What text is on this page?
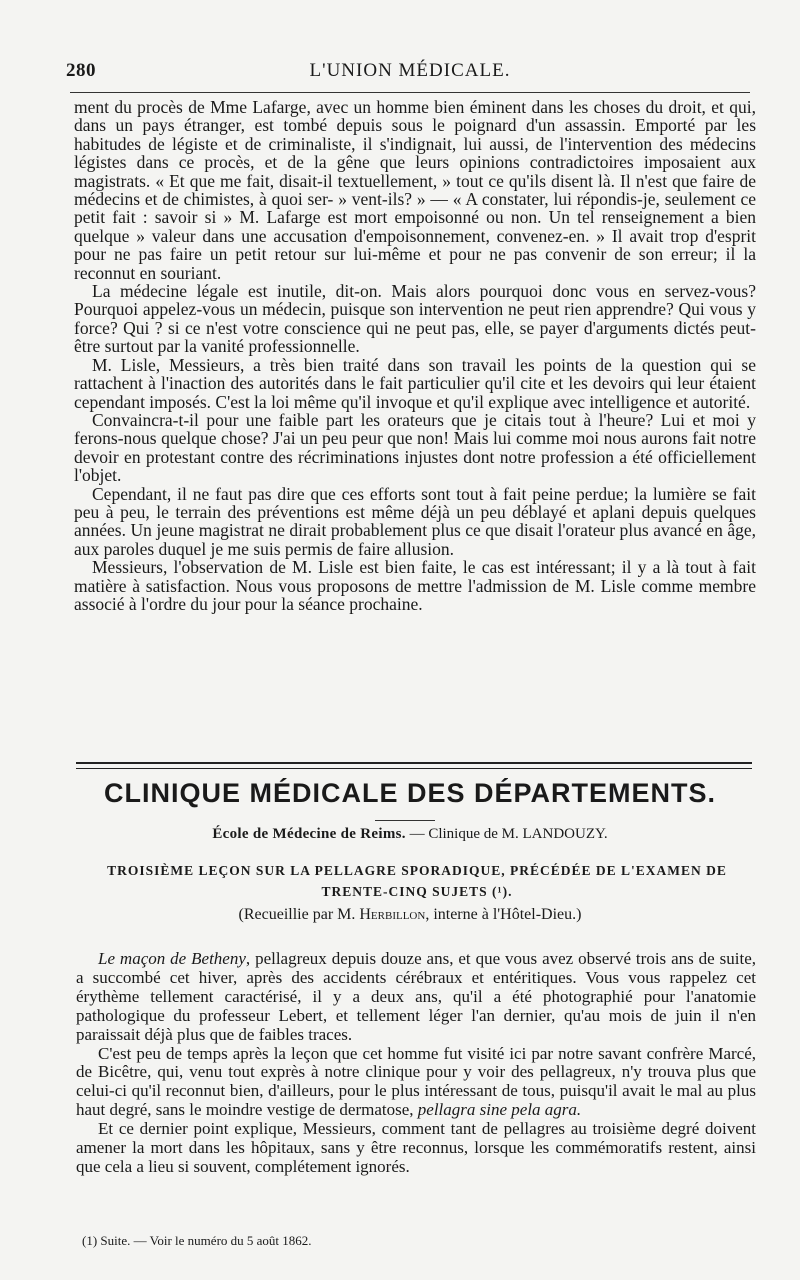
280	L'UNION MÉDICALE.

ment du procès de Mme Lafarge, avec un homme bien éminent dans les choses du droit, et qui, dans un pays étranger, est tombé depuis sous le poignard d'un assassin. Emporté par les habitudes de légiste et de criminaliste, il s'indignait, lui aussi, de l'intervention des médecins légistes dans ce procès, et de la gêne que leurs opinions contradictoires imposaient aux magistrats. « Et que me fait, disait-il textuellement, » tout ce qu'ils disent là. Il n'est que faire de médecins et de chimistes, à quoi ser- » vent-ils? » — « A constater, lui répondis-je, seulement ce petit fait : savoir si » M. Lafarge est mort empoisonné ou non. Un tel renseignement a bien quelque » valeur dans une accusation d'empoisonnement, convenez-en. » Il avait trop d'esprit pour ne pas faire un petit retour sur lui-même et pour ne pas convenir de son erreur; il la reconnut en souriant.

La médecine légale est inutile, dit-on. Mais alors pourquoi donc vous en servez-vous? Pourquoi appelez-vous un médecin, puisque son intervention ne peut rien apprendre? Qui vous y force? Qui ? si ce n'est votre conscience qui ne peut pas, elle, se payer d'arguments dictés peut-être surtout par la vanité professionnelle.

M. Lisle, Messieurs, a très bien traité dans son travail les points de la question qui se rattachent à l'inaction des autorités dans le fait particulier qu'il cite et les devoirs qui leur étaient cependant imposés. C'est la loi même qu'il invoque et qu'il explique avec intelligence et autorité.

Convaincra-t-il pour une faible part les orateurs que je citais tout à l'heure? Lui et moi y ferons-nous quelque chose? J'ai un peu peur que non! Mais lui comme moi nous aurons fait notre devoir en protestant contre des récriminations injustes dont notre profession a été officiellement l'objet.

Cependant, il ne faut pas dire que ces efforts sont tout à fait peine perdue; la lumière se fait peu à peu, le terrain des préventions est même déjà un peu déblayé et aplani depuis quelques années. Un jeune magistrat ne dirait probablement plus ce que disait l'orateur plus avancé en âge, aux paroles duquel je me suis permis de faire allusion.

Messieurs, l'observation de M. Lisle est bien faite, le cas est intéressant; il y a là tout à fait matière à satisfaction. Nous vous proposons de mettre l'admission de M. Lisle comme membre associé à l'ordre du jour pour la séance prochaine.

CLINIQUE MÉDICALE DES DÉPARTEMENTS.
École de Médecine de Reims. — Clinique de M. LANDOUZY.
TROISIÈME LEÇON SUR LA PELLAGRE SPORADIQUE, PRÉCÉDÉE DE L'EXAMEN DE TRENTE-CINQ SUJETS (¹).
(Recueillie par M. Herbillon, interne à l'Hôtel-Dieu.)

Le maçon de Betheny, pellagreux depuis douze ans, et que vous avez observé trois ans de suite, a succombé cet hiver, après des accidents cérébraux et entéritiques. Vous vous rappelez cet érythème tellement caractérisé, il y a deux ans, qu'il a été photographié pour l'anatomie pathologique du professeur Lebert, et tellement léger l'an dernier, qu'au mois de juin il n'en paraissait déjà plus que de faibles traces.

C'est peu de temps après la leçon que cet homme fut visité ici par notre savant confrère Marcé, de Bicêtre, qui, venu tout exprès à notre clinique pour y voir des pellagreux, n'y trouva plus que celui-ci qu'il reconnut bien, d'ailleurs, pour le plus intéressant de tous, puisqu'il avait le mal au plus haut degré, sans le moindre vestige de dermatose, pellagra sine pela agra.

Et ce dernier point explique, Messieurs, comment tant de pellagres au troisième degré doivent amener la mort dans les hôpitaux, sans y être reconnus, lorsque les commémoratifs restent, ainsi que cela a lieu si souvent, complétement ignorés.

(1) Suite. — Voir le numéro du 5 août 1862.
